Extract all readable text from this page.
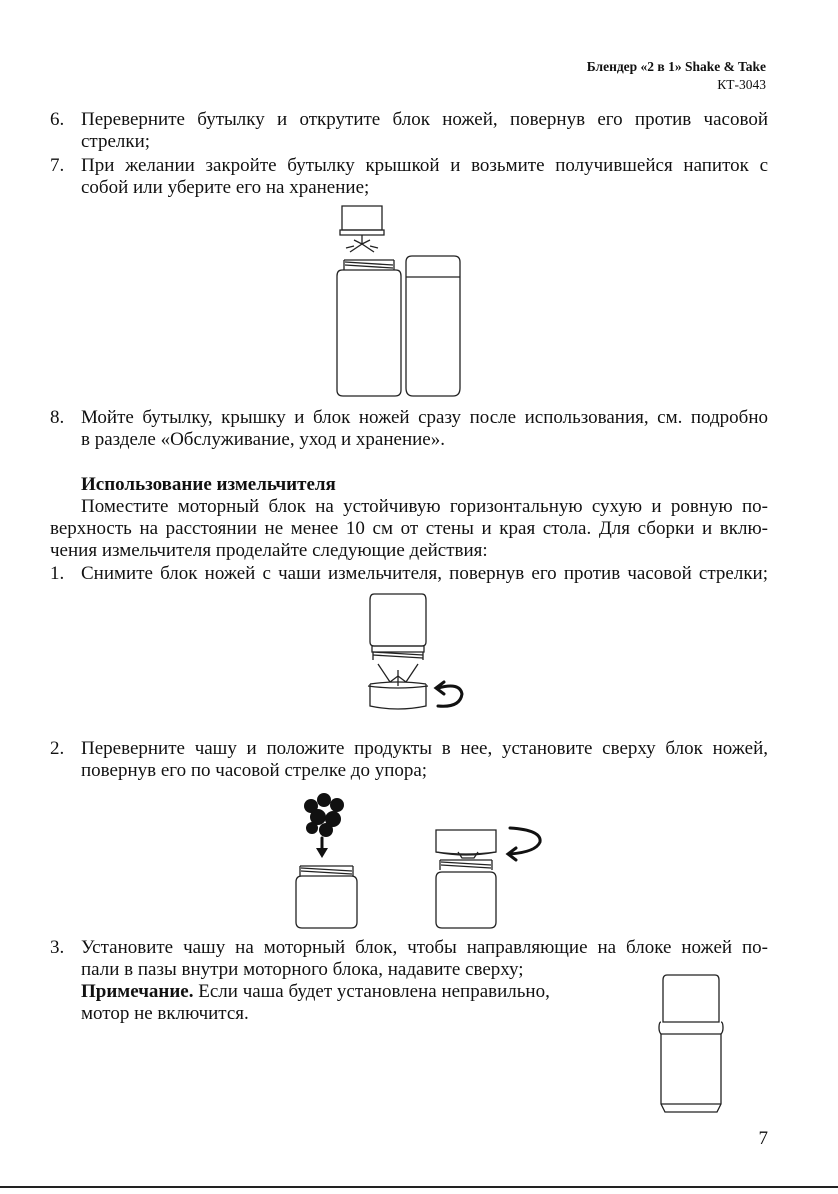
Блендер «2 в 1» Shake & Take
КТ-3043
6. Переверните бутылку и открутите блок ножей, повернув его против часовой
стрелки;
7. При желании закройте бутылку крышкой и возьмите получившейся напиток с
собой или уберите его на хранение;
8. Мойте бутылку, крышку и блок ножей сразу после использования, см. подробно
в разделе «Обслуживание, уход и хранение».
Использование измельчителя
Поместите моторный блок на устойчивую горизонтальную сухую и ровную по-
верхность на расстоянии не менее 10 см от стены и края стола. Для сборки и вклю-
чения измельчителя проделайте следующие действия:
1. Снимите блок ножей с чаши измельчителя, повернув его против часовой стрелки;
2. Переверните чашу и положите продукты в нее, установите сверху блок ножей,
повернув его по часовой стрелке до упора;
3. Установите чашу на моторный блок, чтобы направляющие на блоке ножей по-
пали в пазы внутри моторного блока, надавите сверху;
Примечание. Если чаша будет установлена неправильно,
мотор не включится.
7
